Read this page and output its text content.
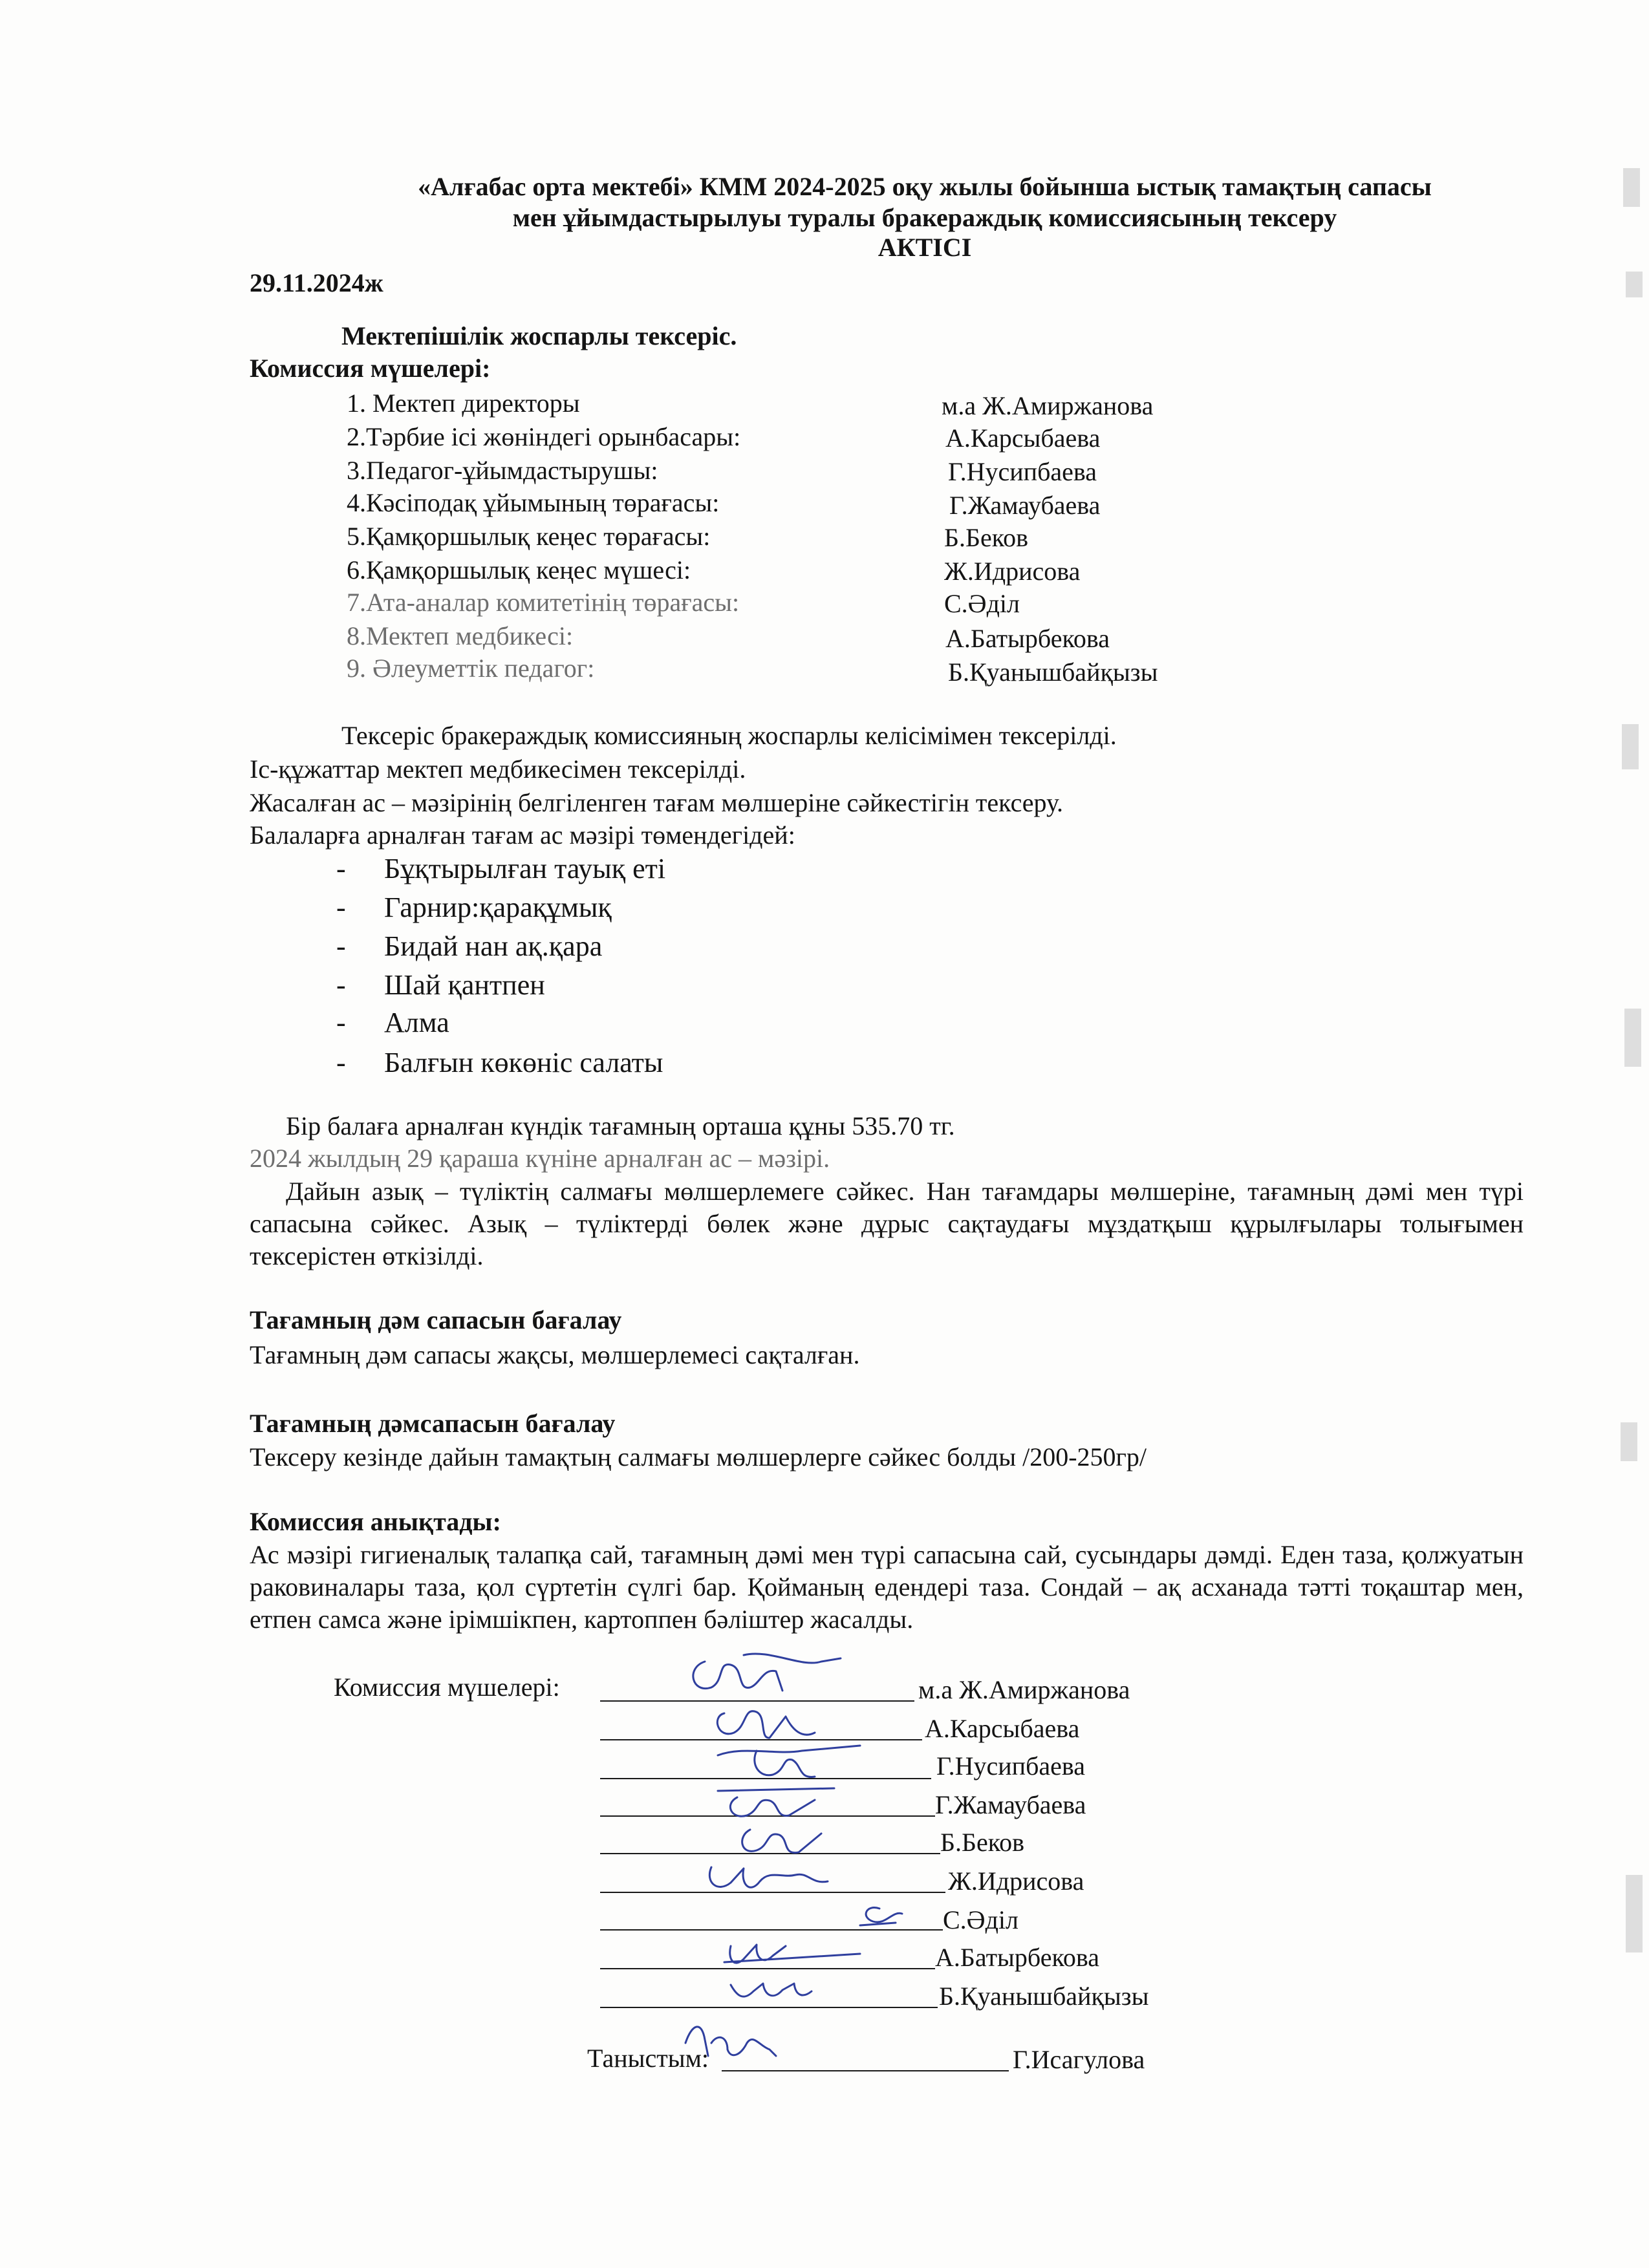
«Алғабас орта мектебі» КММ 2024-2025 оқу жылы бойынша ыстық тамақтың сапасы
мен ұйымдастырылуы туралы бракераждық комиссиясының тексеру
АКТІСІ
29.11.2024ж
Мектепішілік жоспарлы тексеріс.
Комиссия мүшелері:
1. Мектеп директоры	м.а Ж.Амиржанова
2.Тәрбие ісі жөніндегі орынбасары:	А.Карсыбаева
3.Педагог-ұйымдастырушы:	Г.Нусипбаева
4.Кәсіподақ ұйымының төрағасы:	Г.Жамаубаева
5.Қамқоршылық кеңес төрағасы:	Б.Беков
6.Қамқоршылық кеңес мүшесі:	Ж.Идрисова
7.Ата-аналар комитетінің төрағасы:	С.Әділ
8.Мектеп медбикесі:	А.Батырбекова
9. Әлеуметтік педагог:	Б.Қуанышбайқызы
Тексеріс бракераждық комиссияның жоспарлы келісімімен тексерілді.
Іс-құжаттар мектеп медбикесімен тексерілді.
Жасалған ас – мәзірінің белгіленген тағам мөлшеріне сәйкестігін тексеру.
Балаларға арналған тағам ас мәзірі төмендегідей:
- Бұқтырылған тауық еті
- Гарнир:қарақұмық
- Бидай нан ақ.қара
- Шай қантпен
- Алма
- Балғын көкөніс салаты
Бір балаға арналған күндік тағамның орташа құны 535.70 тг.
2024 жылдың 29 қараша күніне арналған ас – мәзірі.
Дайын азық – түліктің салмағы мөлшерлемеге сәйкес. Нан тағамдары мөлшеріне, тағамның дәмі мен түрі сапасына сәйкес. Азық – түліктерді бөлек және дұрыс сақтаудағы мұздатқыш құрылғылары толығымен тексерістен өткізілді.
Тағамның дәм сапасын бағалау
Тағамның дәм сапасы жақсы, мөлшерлемесі сақталған.
Тағамның дәмсапасын бағалау
Тексеру кезінде дайын тамақтың салмағы мөлшерлерге сәйкес болды /200-250гр/
Комиссия анықтады:
Ас мәзірі гигиеналық талапқа сай, тағамның дәмі мен түрі сапасына сай, сусындары дәмді. Еден таза, қолжуатын раковиналары таза, қол сүртетін сүлгі бар. Қойманың едендері таза. Сондай – ақ асханада тәтті тоқаштар мен, етпен самса және ірімшікпен, картоппен бәліштер жасалды.
Комиссия мүшелері:	м.а Ж.Амиржанова
А.Карсыбаева
Г.Нусипбаева
Г.Жамаубаева
Б.Беков
Ж.Идрисова
С.Әділ
А.Батырбекова
Б.Қуанышбайқызы
Таныстым:	Г.Исагулова
